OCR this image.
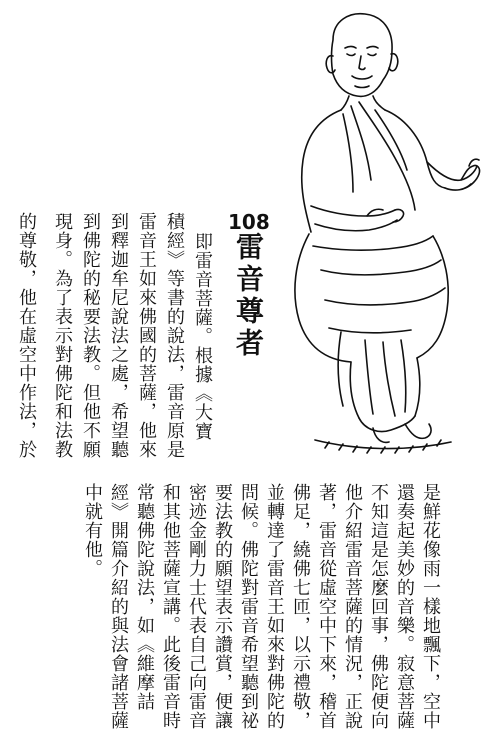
108
雷音尊者
即雷音菩薩。根據《大寶
積經》等書的說法，雷音原是
雷音王如來佛國的菩薩，他來
到釋迦牟尼說法之處，希望聽
到佛陀的秘要法教。但他不願
現身。為了表示對佛陀和法教
的尊敬，他在虛空中作法，於
是鮮花像雨一樣地飄下，空中
還奏起美妙的音樂。寂意菩薩
不知這是怎麼回事，佛陀便向
他介紹雷音菩薩的情況，正說
著，雷音從虛空中下來，稽首
佛足，繞佛七匝，以示禮敬，
並轉達了雷音王如來對佛陀的
問候。佛陀對雷音希望聽到祕
要法教的願望表示讚賞，便讓
密迹金剛力士代表自己向雷音
和其他菩薩宣講。此後雷音時
常聽佛陀說法，如《維摩詰
經》開篇介紹的與法會諸菩薩
中就有他。
